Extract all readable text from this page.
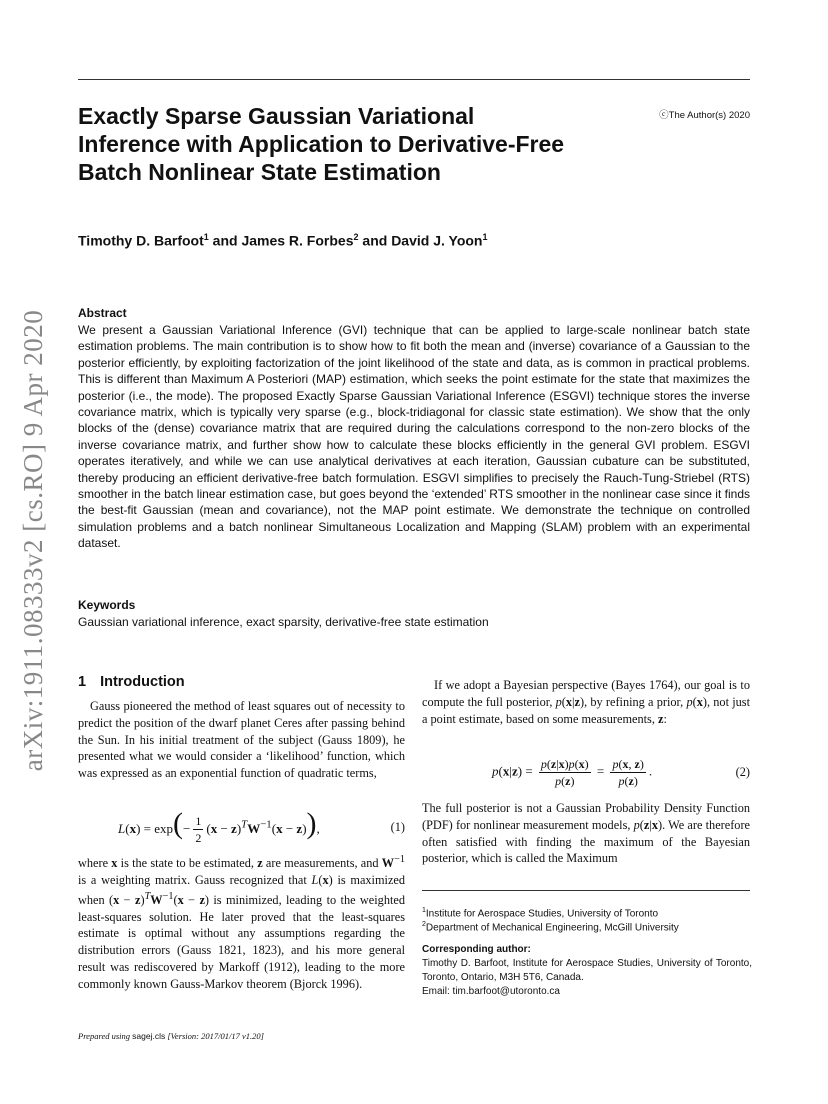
arXiv:1911.08333v2 [cs.RO] 9 Apr 2020
Exactly Sparse Gaussian Variational Inference with Application to Derivative-Free Batch Nonlinear State Estimation
ⓒThe Author(s) 2020
Timothy D. Barfoot$^1$ and James R. Forbes$^2$ and David J. Yoon$^1$
Abstract

We present a Gaussian Variational Inference (GVI) technique that can be applied to large-scale nonlinear batch state estimation problems. The main contribution is to show how to fit both the mean and (inverse) covariance of a Gaussian to the posterior efficiently, by exploiting factorization of the joint likelihood of the state and data, as is common in practical problems. This is different than Maximum A Posteriori (MAP) estimation, which seeks the point estimate for the state that maximizes the posterior (i.e., the mode). The proposed Exactly Sparse Gaussian Variational Inference (ESGVI) technique stores the inverse covariance matrix, which is typically very sparse (e.g., block-tridiagonal for classic state estimation). We show that the only blocks of the (dense) covariance matrix that are required during the calculations correspond to the non-zero blocks of the inverse covariance matrix, and further show how to calculate these blocks efficiently in the general GVI problem. ESGVI operates iteratively, and while we can use analytical derivatives at each iteration, Gaussian cubature can be substituted, thereby producing an efficient derivative-free batch formulation. ESGVI simplifies to precisely the Rauch-Tung-Striebel (RTS) smoother in the batch linear estimation case, but goes beyond the ‘extended’ RTS smoother in the nonlinear case since it finds the best-fit Gaussian (mean and covariance), not the MAP point estimate. We demonstrate the technique on controlled simulation problems and a batch nonlinear Simultaneous Localization and Mapping (SLAM) problem with an experimental dataset.

Keywords
Gaussian variational inference, exact sparsity, derivative-free state estimation
1 Introduction

Gauss pioneered the method of least squares out of necessity to predict the position of the dwarf planet Ceres after passing behind the Sun. In his initial treatment of the subject (Gauss 1809), he presented what we would consider a ‘likelihood’ function, which was expressed as an exponential function of quadratic terms,

$L(x) = \exp(- \frac{1}{2} (x - z)^TW^{-1}(x - z))$,	(1)

where x is the state to be estimated, z are measurements, and $W^{-1}$ is a weighting matrix. Gauss recognized that L(x) is maximized when $(x - z)^TW^{-1}(x - z)$ is minimized, leading to the weighted least-squares solution. He later proved that the least-squares estimate is optimal without any assumptions regarding the distribution errors (Gauss 1821, 1823), and his more general result was rediscovered by Markoff (1912), leading to the more commonly known Gauss-Markov theorem (Bjorck 1996).

If we adopt a Bayesian perspective (Bayes 1764), our goal is to compute the full posterior, p(x|z), by refining a prior, p(x), not just a point estimate, based on some measurements, z:

$p(x|z) = \frac{p(z|x)p(x)}{p(z)} = \frac{p(x, z)}{p(z)}$ .	(2)

The full posterior is not a Gaussian Probability Density Function (PDF) for nonlinear measurement models, p(z|x). We are therefore often satisfied with finding the maximum of the Bayesian posterior, which is called the Maximum

$^1$Institute for Aerospace Studies, University of Toronto
$^2$Department of Mechanical Engineering, McGill University
Corresponding author:
Timothy D. Barfoot, Institute for Aerospace Studies, University of Toronto, Toronto, Ontario, M3H 5T6, Canada.
Email: tim.barfoot@utoronto.ca
Prepared using sagej.cls [Version: 2017/01/17 v1.20]
